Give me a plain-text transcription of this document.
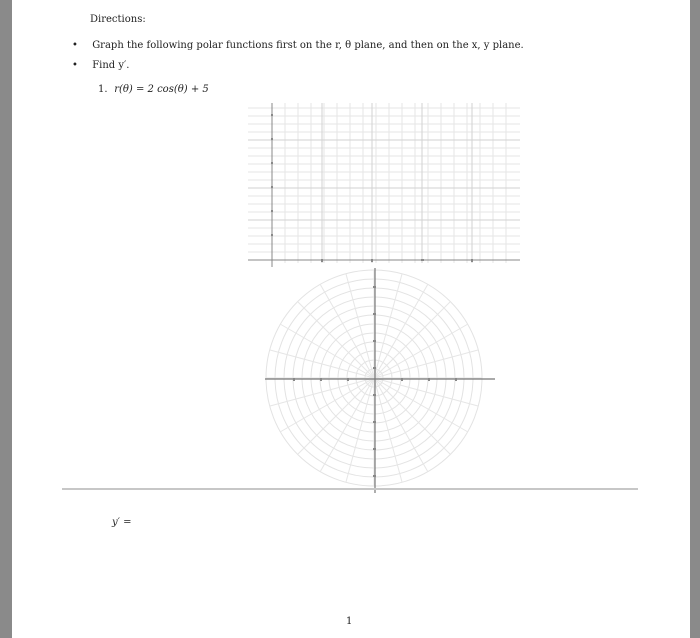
Directions:
• Graph the following polar functions first on the r, θ plane, and then on the x, y plane.
• Find y′.
1. r(θ) = 2 cos(θ) + 5
y′ =
1
